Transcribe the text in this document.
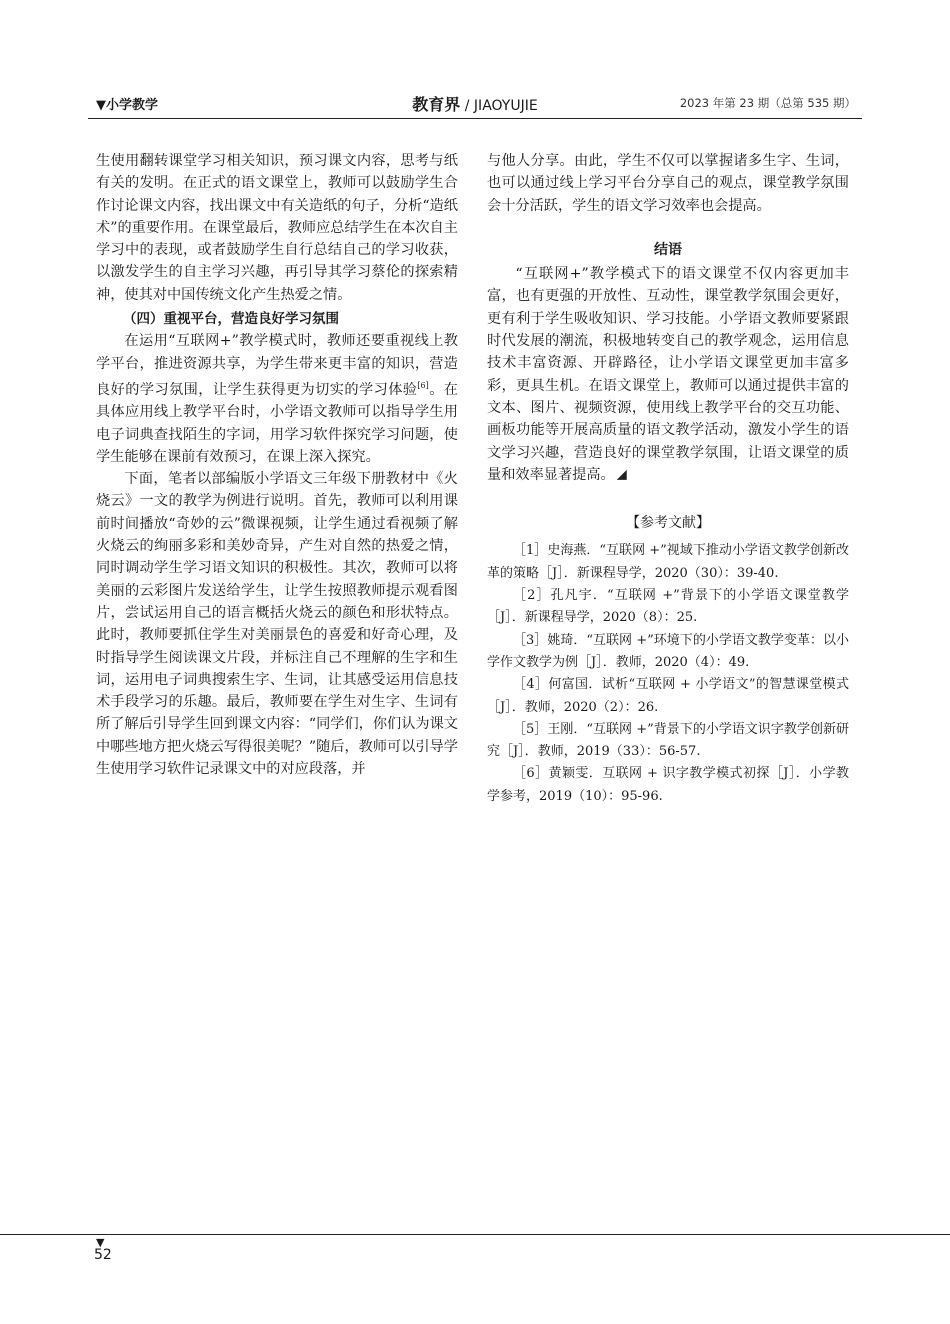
▼小学教学	教育界 / JIAOYUJIE	2023 年第 23 期（总第 535 期）

生使用翻转课堂学习相关知识，预习课文内容，思考与纸有关的发明。在正式的语文课堂上，教师可以鼓励学生合作讨论课文内容，找出课文中有关造纸的句子，分析“造纸术”的重要作用。在课堂最后，教师应总结学生在本次自主学习中的表现，或者鼓励学生自行总结自己的学习收获，以激发学生的自主学习兴趣，再引导其学习蔡伦的探索精神，使其对中国传统文化产生热爱之情。

（四）重视平台，营造良好学习氛围

在运用“互联网+”教学模式时，教师还要重视线上教学平台，推进资源共享，为学生带来更丰富的知识，营造良好的学习氛围，让学生获得更为切实的学习体验[6]。在具体应用线上教学平台时，小学语文教师可以指导学生用电子词典查找陌生的字词，用学习软件探究学习问题，使学生能够在课前有效预习，在课上深入探究。

下面，笔者以部编版小学语文三年级下册教材中《火烧云》一文的教学为例进行说明。首先，教师可以利用课前时间播放“奇妙的云”微课视频，让学生通过看视频了解火烧云的绚丽多彩和美妙奇异，产生对自然的热爱之情，同时调动学生学习语文知识的积极性。其次，教师可以将美丽的云彩图片发送给学生，让学生按照教师提示观看图片，尝试运用自己的语言概括火烧云的颜色和形状特点。此时，教师要抓住学生对美丽景色的喜爱和好奇心理，及时指导学生阅读课文片段，并标注自己不理解的生字和生词，运用电子词典搜索生字、生词，让其感受运用信息技术手段学习的乐趣。最后，教师要在学生对生字、生词有所了解后引导学生回到课文内容：“同学们，你们认为课文中哪些地方把火烧云写得很美呢？”随后，教师可以引导学生使用学习软件记录课文中的对应段落，并

与他人分享。由此，学生不仅可以掌握诸多生字、生词，也可以通过线上学习平台分享自己的观点，课堂教学氛围会十分活跃，学生的语文学习效率也会提高。

结语

“互联网+”教学模式下的语文课堂不仅内容更加丰富，也有更强的开放性、互动性，课堂教学氛围会更好，更有利于学生吸收知识、学习技能。小学语文教师要紧跟时代发展的潮流，积极地转变自己的教学观念，运用信息技术丰富资源、开辟路径，让小学语文课堂更加丰富多彩，更具生机。在语文课堂上，教师可以通过提供丰富的文本、图片、视频资源，使用线上教学平台的交互功能、画板功能等开展高质量的语文教学活动，激发小学生的语文学习兴趣，营造良好的课堂教学氛围，让语文课堂的质量和效率显著提高。

【参考文献】

［1］史海燕．“互联网 +”视域下推动小学语文教学创新改革的策略［J］．新课程导学，2020（30）：39-40.

［2］孔凡宇．“互联网 +”背景下的小学语文课堂教学［J］．新课程导学，2020（8）：25.

［3］姚琦．“互联网 +”环境下的小学语文教学变革：以小学作文教学为例［J］．教师，2020（4）：49.

［4］何富国．试析“互联网 + 小学语文”的智慧课堂模式［J］．教师，2020（2）：26.

［5］王刚．“互联网 +”背景下的小学语文识字教学创新研究［J］．教师，2019（33）：56-57.

［6］黄颖雯．互联网 + 识字教学模式初探［J］．小学教学参考，2019（10）：95-96.

▼
52
